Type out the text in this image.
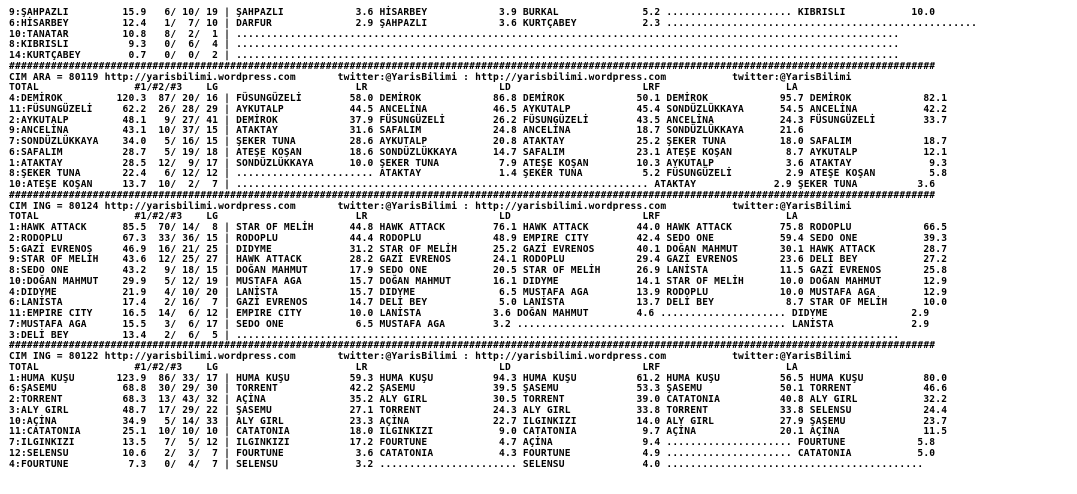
9:ŞAHPAZLI         15.9   6/ 10/ 19 | ŞAHPAZLI            3.6 HİSARBEY            3.9 BURKAL              5.2 ..................... KIBRISLI           10.0
6:HİSARBEY         12.4   1/  7/ 10 | DARFUR              2.9 ŞAHPAZLI            3.6 KURTÇABEY           2.3 ....................................................
10:TANATAR         10.8   8/  2/  1 | ...............................................................................................................
8:KIBRISLI          9.3   0/  6/  4 | ...............................................................................................................
14:KURTÇABEY        0.7   0/  0/  2 | ...............................................................................................................
###########################################################################################################################################################
CIM ARA = 80119 http://yarisbilimi.wordpress.com       twitter:@YarisBilimi : http://yarisbilimi.wordpress.com           twitter:@YarisBilimi
TOTAL                #1/#2/#3    LG                       LR                      LD                      LRF                     LA
4:DEMİROK         120.3  87/ 20/ 16 | FÜSUNGÜZELİ        58.0 DEMİROK            86.8 DEMİROK            50.1 DEMİROK            95.7 DEMİROK            82.1
11:FÜSUNGÜZELİ     62.2  26/ 28/ 29 | AYKUTALP           44.5 ANCELİNA           46.5 AYKUTALP           45.4 SONDÜZLÜKKAYA      54.5 ANCELİNA           42.2
2:AYKUTALP         48.1   9/ 27/ 41 | DEMİROK            37.9 FÜSUNGÜZELİ        26.2 FÜSUNGÜZELİ        43.5 ANCELİNA           24.3 FÜSUNGÜZELİ        33.7
9:ANCELİNA         43.1  10/ 37/ 15 | ATAKTAY            31.6 SAFALIM            24.8 ANCELİNA           18.7 SONDÜZLÜKKAYA      21.6
7:SONDÜZLÜKKAYA    34.0   5/ 16/ 15 | ŞEKER TUNA         28.6 AYKUTALP           20.8 ATAKTAY            25.2 ŞEKER TUNA         18.0 SAFALIM            18.7
6:SAFALIM          28.7   5/ 19/ 18 | ATEŞE KOŞAN        18.6 SONDÜZLÜKKAYA      14.7 SAFALIM            23.1 ATEŞE KOŞAN         8.7 AYKUTALP           12.1
1:ATAKTAY          28.5  12/  9/ 17 | SONDÜZLÜKKAYA      10.0 ŞEKER TUNA          7.9 ATEŞE KOŞAN        10.3 AYKUTALP            3.6 ATAKTAY             9.3
8:ŞEKER TUNA       22.4   6/ 12/ 12 | ....................... ATAKTAY             1.4 ŞEKER TUNA          5.2 FÜSUNGÜZELİ         2.9 ATEŞE KOŞAN         5.8
10:ATEŞE KOŞAN     13.7  10/  2/  7 | ..................................................................... ATAKTAY             2.9 ŞEKER TUNA          3.6
###########################################################################################################################################################
CIM ING = 80124 http://yarisbilimi.wordpress.com       twitter:@YarisBilimi : http://yarisbilimi.wordpress.com           twitter:@YarisBilimi
TOTAL                #1/#2/#3    LG                       LR                      LD                      LRF                     LA
1:HAWK ATTACK      85.5  70/ 14/  8 | STAR OF MELİH      44.8 HAWK ATTACK        76.1 HAWK ATTACK        44.0 HAWK ATTACK        75.8 RODOPLU            66.5
2:RODOPLU          67.3  33/ 36/ 15 | RODOPLU            44.4 RODOPLU            48.9 EMPIRE CITY        42.4 SEDO ONE           59.4 SEDO ONE           39.3
5:GAZİ EVRENOS     46.9  16/ 21/ 25 | DIDYME             31.2 STAR OF MELİH      25.2 GAZİ EVRENOS       40.1 DOĞAN MAHMUT       30.1 HAWK ATTACK        28.7
9:STAR OF MELİH    43.6  12/ 25/ 27 | HAWK ATTACK        28.2 GAZİ EVRENOS       24.1 RODOPLU            29.4 GAZİ EVRENOS       23.6 DELİ BEY           27.2
8:SEDO ONE         43.2   9/ 18/ 15 | DOĞAN MAHMUT       17.9 SEDO ONE           20.5 STAR OF MELİH      26.9 LANİSTA            11.5 GAZİ EVRENOS       25.8
10:DOĞAN MAHMUT    29.9   5/ 12/ 19 | MUSTAFA AGA        15.7 DOĞAN MAHMUT       16.1 DIDYME             14.1 STAR OF MELİH      10.0 DOĞAN MAHMUT       12.9
4:DIDYME           21.9   4/ 10/ 20 | LANİSTA            15.7 DIDYME              6.5 MUSTAFA AGA        13.9 RODOPLU            10.0 MUSTAFA AGA        12.9
6:LANİSTA          17.4   2/ 16/  7 | GAZİ EVRENOS       14.7 DELİ BEY            5.0 LANİSTA            13.7 DELİ BEY            8.7 STAR OF MELİH      10.0
11:EMPIRE CITY     16.5  14/  6/ 12 | EMPIRE CITY        10.0 LANİSTA            3.6 DOĞAN MAHMUT        4.6 ..................... DIDYME              2.9
7:MUSTAFA AGA      15.5   3/  6/ 17 | SEDO ONE            6.5 MUSTAFA AGA        3.2 ............................................. LANİSTA             2.9
3:DELİ BEY         13.4   2/  6/  5 | ...............................................................................................................
###########################################################################################################################################################
CIM ING = 80122 http://yarisbilimi.wordpress.com       twitter:@YarisBilimi : http://yarisbilimi.wordpress.com           twitter:@YarisBilimi
TOTAL                #1/#2/#3    LG                       LR                      LD                      LRF                     LA
1:HUMA KUŞU       123.9  86/ 33/ 17 | HUMA KUŞU          59.3 HUMA KUŞU          94.3 HUMA KUŞU          61.2 HUMA KUŞU          56.5 HUMA KUŞU          80.0
6:ŞASEMU           68.8  30/ 29/ 30 | TORRENT            42.2 ŞASEMU             39.5 ŞASEMU             53.3 ŞASEMU             50.1 TORRENT            46.6
2:TORRENT          68.3  13/ 43/ 32 | AÇİNA              35.2 ALY GIRL           30.5 TORRENT            39.0 CATATONIA          40.8 ALY GIRL           32.2
3:ALY GIRL         48.7  17/ 29/ 22 | ŞASEMU             27.1 TORRENT            24.3 ALY GIRL           33.8 TORRENT            33.8 SELENSU            24.4
10:AÇİNA           34.9   5/ 14/ 33 | ALY GIRL           23.3 AÇİNA              22.7 ILGINKIZI          14.0 ALY GIRL           27.9 ŞASEMU             23.7
11:CATATONIA       25.1  10/ 10/ 10 | CATATONIA          18.0 ILGINKIZI           9.0 CATATONIA           9.7 AÇİNA              20.1 AÇİNA              11.5
7:ILGINKIZI        13.5   7/  5/ 12 | ILGINKIZI          17.2 FOURTUNE            4.7 AÇİNA               9.4 ..................... FOURTUNE            5.8
12:SELENSU         10.6   2/  3/  7 | FOURTUNE            3.6 CATATONIA           4.3 FOURTUNE            4.9 ..................... CATATONIA           5.0
4:FOURTUNE          7.3   0/  4/  7 | SELENSU             3.2 ....................... SELENSU             4.0 ...........................................
